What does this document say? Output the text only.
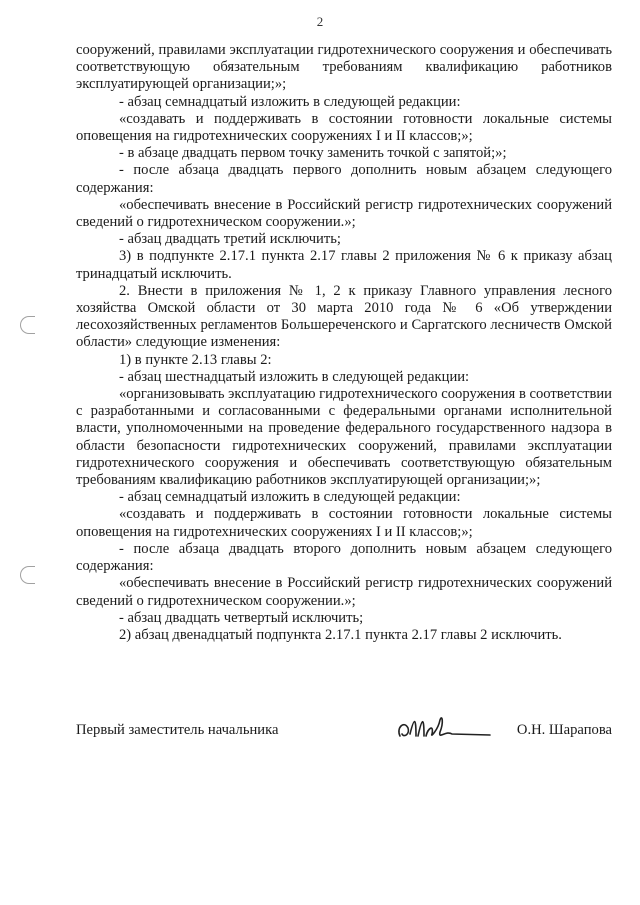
2

сооружений, правилами эксплуатации гидротехнического сооружения и обеспечивать соответствующую обязательным требованиям квалификацию работников эксплуатирующей организации;»;

- абзац семнадцатый изложить в следующей редакции:

«создавать и поддерживать в состоянии готовности локальные системы оповещения на гидротехнических сооружениях I и II классов;»;

- в абзаце двадцать первом точку заменить точкой с запятой;»;

- после абзаца двадцать первого дополнить новым абзацем следующего содержания:

«обеспечивать внесение в Российский регистр гидротехнических сооружений сведений о гидротехническом сооружении.»;

- абзац двадцать третий исключить;

3) в подпункте 2.17.1 пункта 2.17 главы 2 приложения № 6 к приказу абзац тринадцатый исключить.

2. Внести в приложения № 1, 2 к приказу Главного управления лесного хозяйства Омской области от 30 марта 2010 года № 6 «Об утверждении лесохозяйственных регламентов Большереченского и Саргатского лесничеств Омской области» следующие изменения:

1) в пункте 2.13 главы 2:

- абзац шестнадцатый изложить в следующей редакции:

«организовывать эксплуатацию гидротехнического сооружения в соответствии с разработанными и согласованными с федеральными органами исполнительной власти, уполномоченными на проведение федерального государственного надзора в области безопасности гидротехнических сооружений, правилами эксплуатации гидротехнического сооружения и обеспечивать соответствующую обязательным требованиям квалификацию работников эксплуатирующей организации;»;

- абзац семнадцатый изложить в следующей редакции:

«создавать и поддерживать в состоянии готовности локальные системы оповещения на гидротехнических сооружениях I и II классов;»;

- после абзаца двадцать второго дополнить новым абзацем следующего содержания:

«обеспечивать внесение в Российский регистр гидротехнических сооружений сведений о гидротехническом сооружении.»;

- абзац двадцать четвертый исключить;

2) абзац двенадцатый подпункта 2.17.1 пункта 2.17 главы 2 исключить.

Первый заместитель начальника	О.Н. Шарапова
